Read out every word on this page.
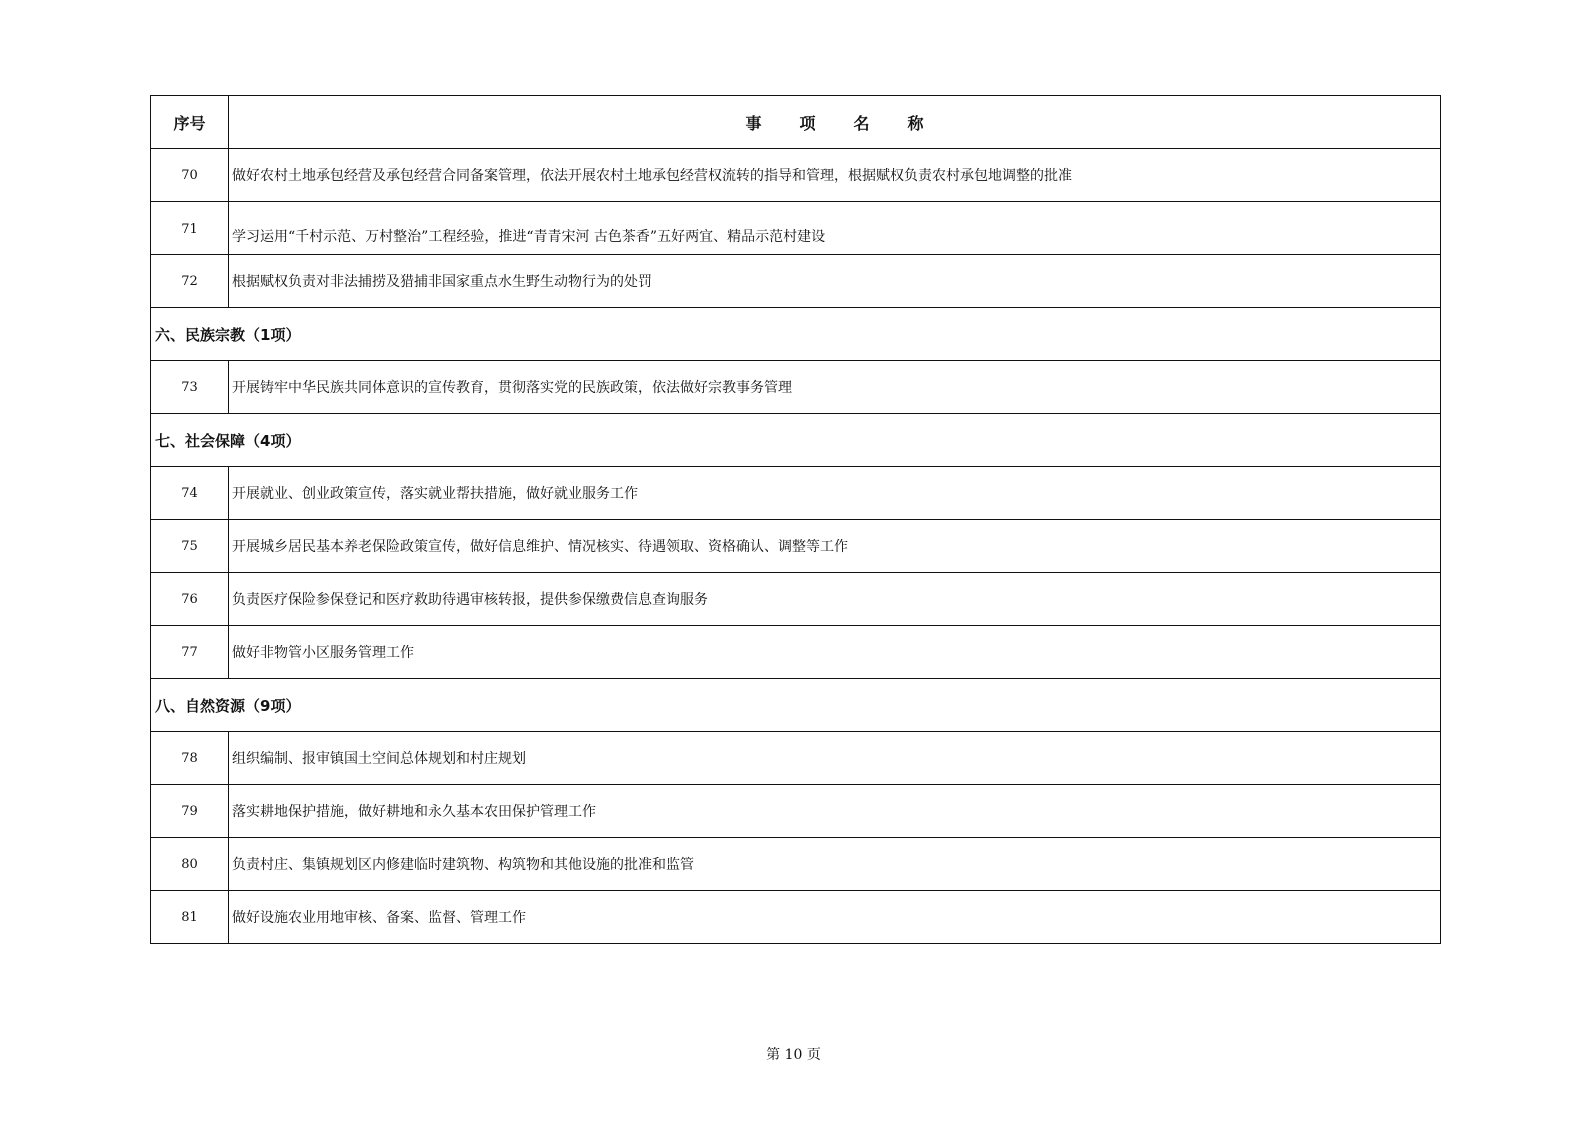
序号	事项名称
70	做好农村土地承包经营及承包经营合同备案管理，依法开展农村土地承包经营权流转的指导和管理，根据赋权负责农村承包地调整的批准
71	学习运用“千村示范、万村整治”工程经验，推进“青青宋河 古色茶香”五好两宜、精品示范村建设
72	根据赋权负责对非法捕捞及猎捕非国家重点水生野生动物行为的处罚
六、民族宗教（1项）	
73	开展铸牢中华民族共同体意识的宣传教育，贯彻落实党的民族政策，依法做好宗教事务管理
七、社会保障（4项）	
74	开展就业、创业政策宣传，落实就业帮扶措施，做好就业服务工作
75	开展城乡居民基本养老保险政策宣传，做好信息维护、情况核实、待遇领取、资格确认、调整等工作
76	负责医疗保险参保登记和医疗救助待遇审核转报，提供参保缴费信息查询服务
77	做好非物管小区服务管理工作
八、自然资源（9项）	
78	组织编制、报审镇国土空间总体规划和村庄规划
79	落实耕地保护措施，做好耕地和永久基本农田保护管理工作
80	负责村庄、集镇规划区内修建临时建筑物、构筑物和其他设施的批准和监管
81	做好设施农业用地审核、备案、监督、管理工作
第 10 页
